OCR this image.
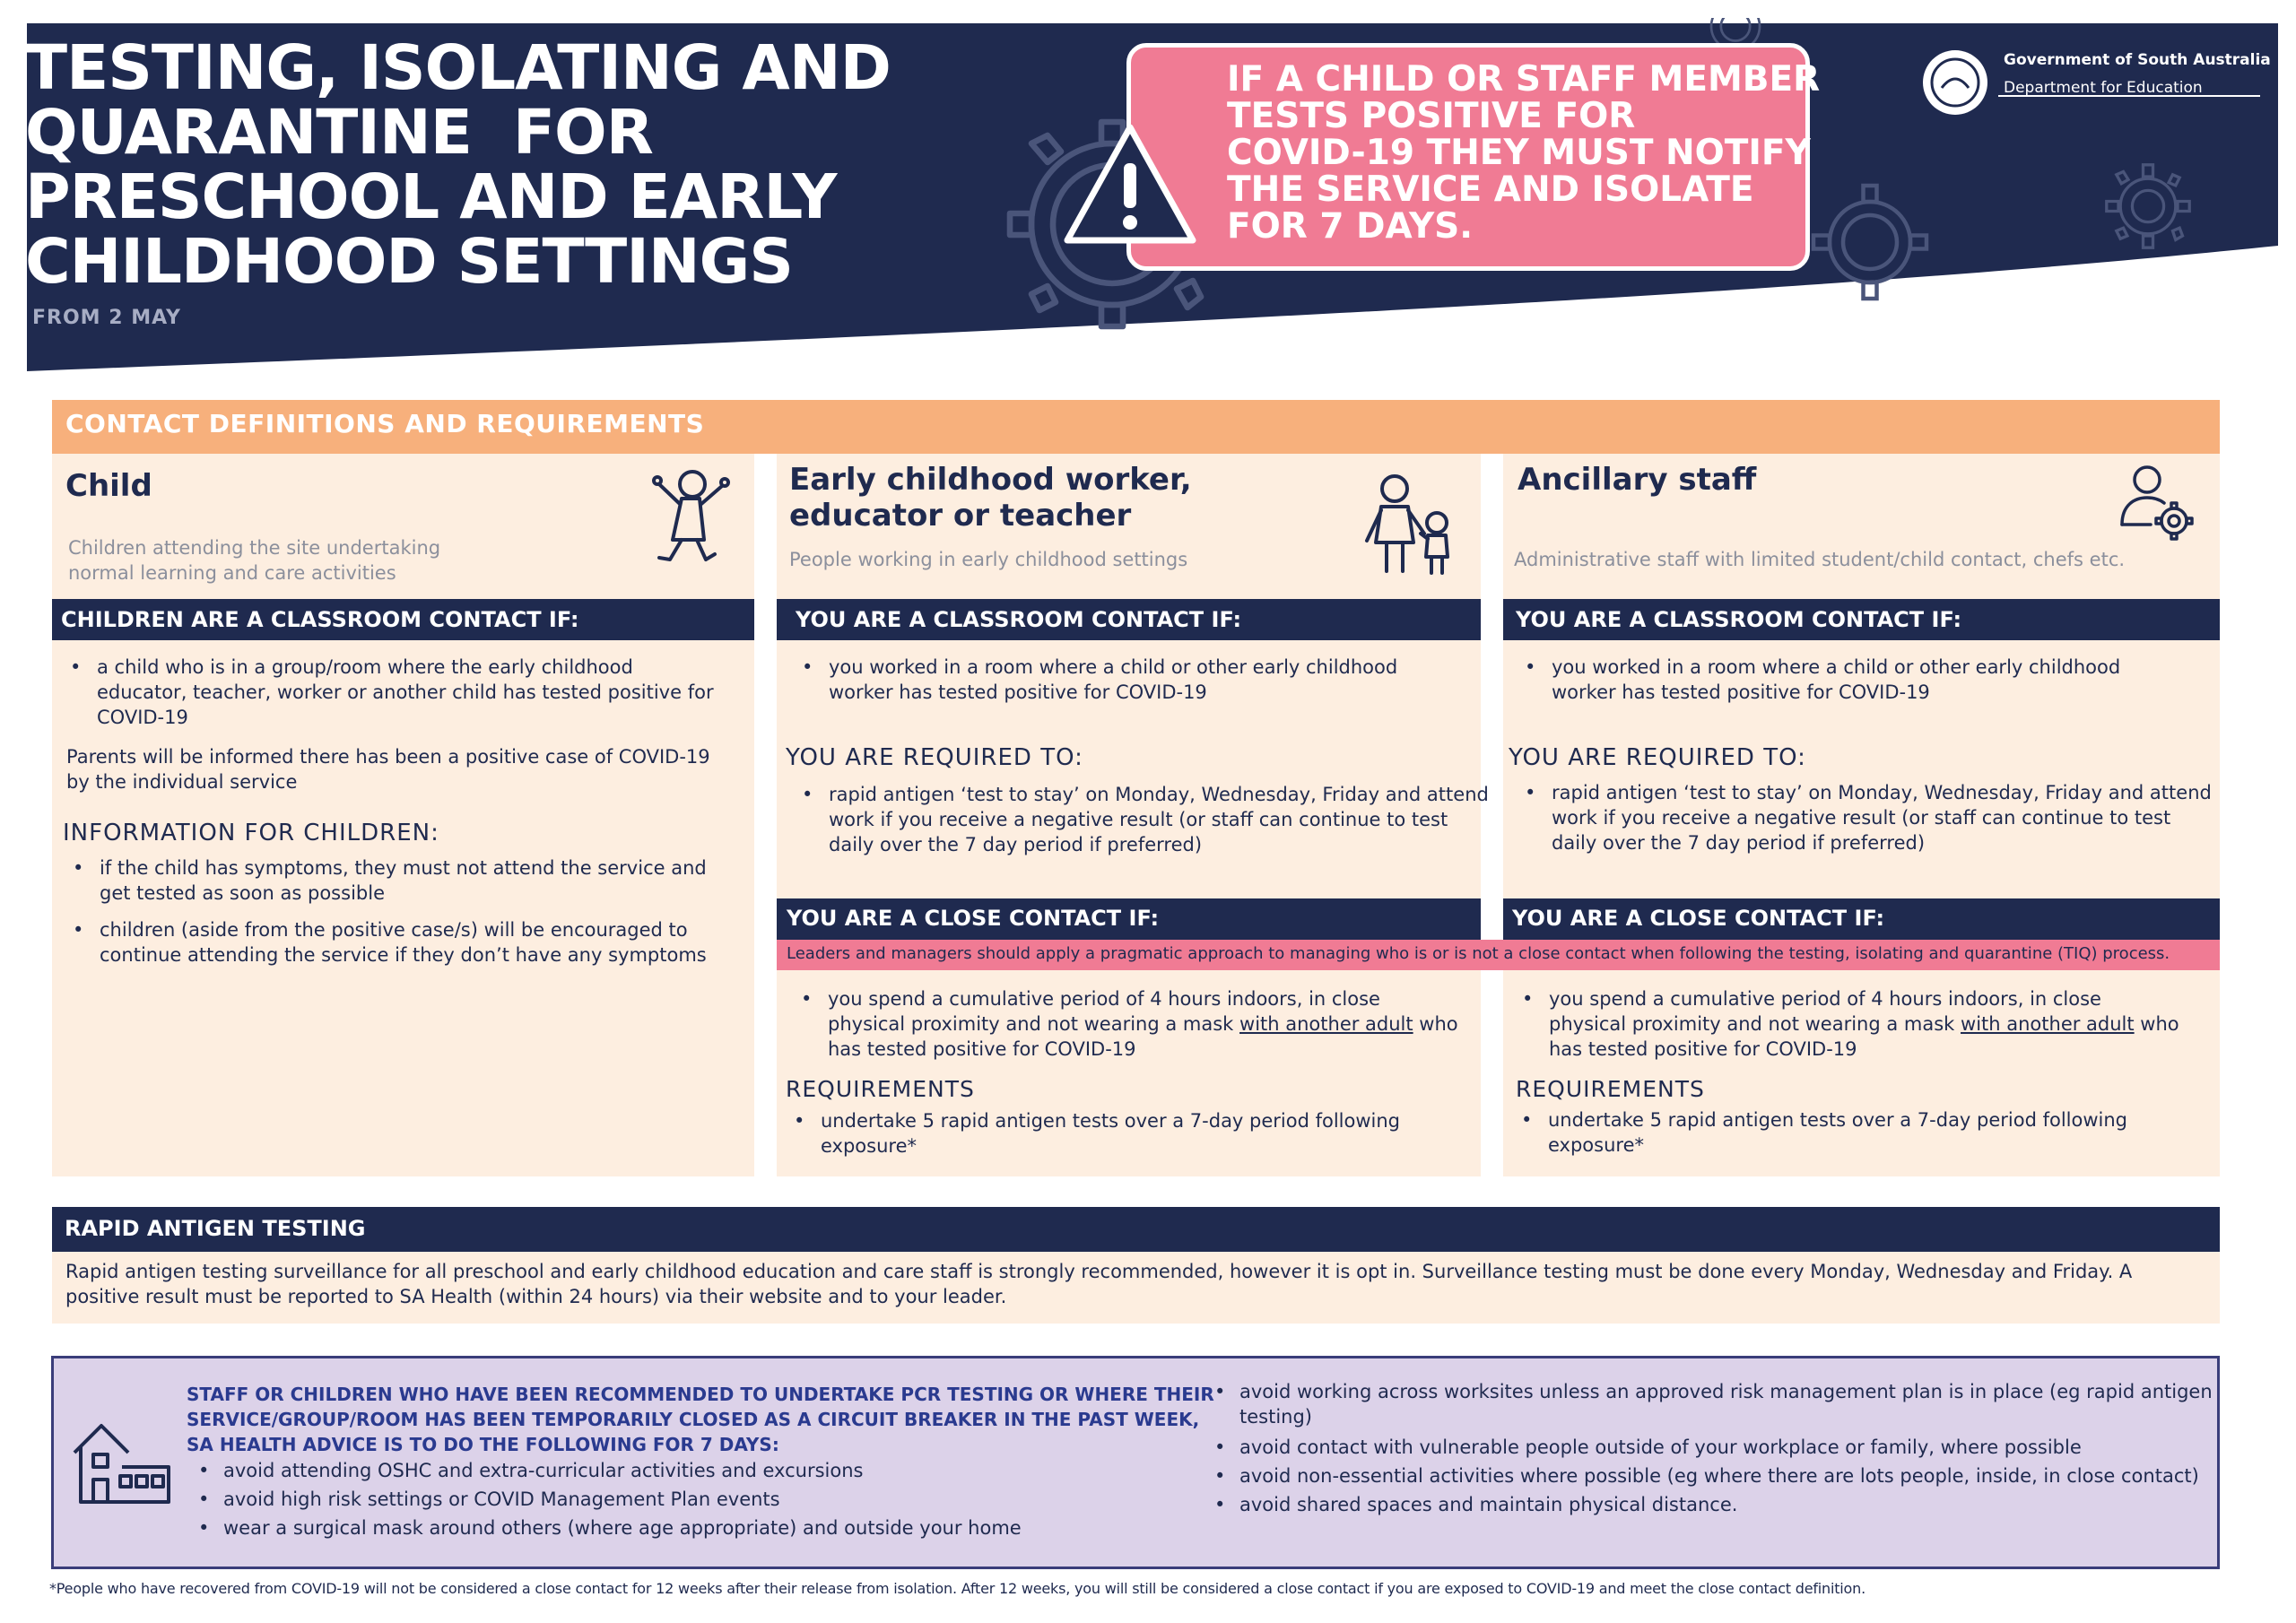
TESTING, ISOLATING AND
QUARANTINE  FOR
PRESCHOOL AND EARLY
CHILDHOOD SETTINGS
FROM 2 MAY
IF A CHILD OR STAFF MEMBER
TESTS POSITIVE FOR
COVID-19 THEY MUST NOTIFY
THE SERVICE AND ISOLATE
FOR 7 DAYS.
Government of South Australia
Department for Education
CONTACT DEFINITIONS AND REQUIREMENTS
Child
Children attending the site undertaking
normal learning and care activities
CHILDREN ARE A CLASSROOM CONTACT IF:
• a child who is in a group/room where the early childhood
educator, teacher, worker or another child has tested positive for
COVID-19
Parents will be informed there has been a positive case of COVID-19
by the individual service
INFORMATION FOR CHILDREN:
• if the child has symptoms, they must not attend the service and
get tested as soon as possible
• children (aside from the positive case/s) will be encouraged to
continue attending the service if they don’t have any symptoms
Early childhood worker,
educator or teacher
People working in early childhood settings
YOU ARE A CLASSROOM CONTACT IF:
• you worked in a room where a child or other early childhood
worker has tested positive for COVID-19
YOU ARE REQUIRED TO:
• rapid antigen ‘test to stay’ on Monday, Wednesday, Friday and attend
work if you receive a negative result (or staff can continue to test
daily over the 7 day period if preferred)
YOU ARE A CLOSE CONTACT IF:
Ancillary staff
Administrative staff with limited student/child contact, chefs etc.
YOU ARE A CLASSROOM CONTACT IF:
• you worked in a room where a child or other early childhood
worker has tested positive for COVID-19
YOU ARE REQUIRED TO:
• rapid antigen ‘test to stay’ on Monday, Wednesday, Friday and attend
work if you receive a negative result (or staff can continue to test
daily over the 7 day period if preferred)
YOU ARE A CLOSE CONTACT IF:
Leaders and managers should apply a pragmatic approach to managing who is or is not a close contact when following the testing, isolating and quarantine (TIQ) process.
• you spend a cumulative period of 4 hours indoors, in close
physical proximity and not wearing a mask with another adult who
has tested positive for COVID-19
REQUIREMENTS
• undertake 5 rapid antigen tests over a 7-day period following
exposure*
• you spend a cumulative period of 4 hours indoors, in close
physical proximity and not wearing a mask with another adult who
has tested positive for COVID-19
REQUIREMENTS
• undertake 5 rapid antigen tests over a 7-day period following
exposure*
RAPID ANTIGEN TESTING
Rapid antigen testing surveillance for all preschool and early childhood education and care staff is strongly recommended, however it is opt in. Surveillance testing must be done every Monday, Wednesday and Friday. A
positive result must be reported to SA Health (within 24 hours) via their website and to your leader.
STAFF OR CHILDREN WHO HAVE BEEN RECOMMENDED TO UNDERTAKE PCR TESTING OR WHERE THEIR
SERVICE/GROUP/ROOM HAS BEEN TEMPORARILY CLOSED AS A CIRCUIT BREAKER IN THE PAST WEEK,
SA HEALTH ADVICE IS TO DO THE FOLLOWING FOR 7 DAYS:
• avoid attending OSHC and extra-curricular activities and excursions
• avoid high risk settings or COVID Management Plan events
• wear a surgical mask around others (where age appropriate) and outside your home
• avoid working across worksites unless an approved risk management plan is in place (eg rapid antigen
testing)
• avoid contact with vulnerable people outside of your workplace or family, where possible
• avoid non-essential activities where possible (eg where there are lots people, inside, in close contact)
• avoid shared spaces and maintain physical distance.
*People who have recovered from COVID-19 will not be considered a close contact for 12 weeks after their release from isolation. After 12 weeks, you will still be considered a close contact if you are exposed to COVID-19 and meet the close contact definition.
